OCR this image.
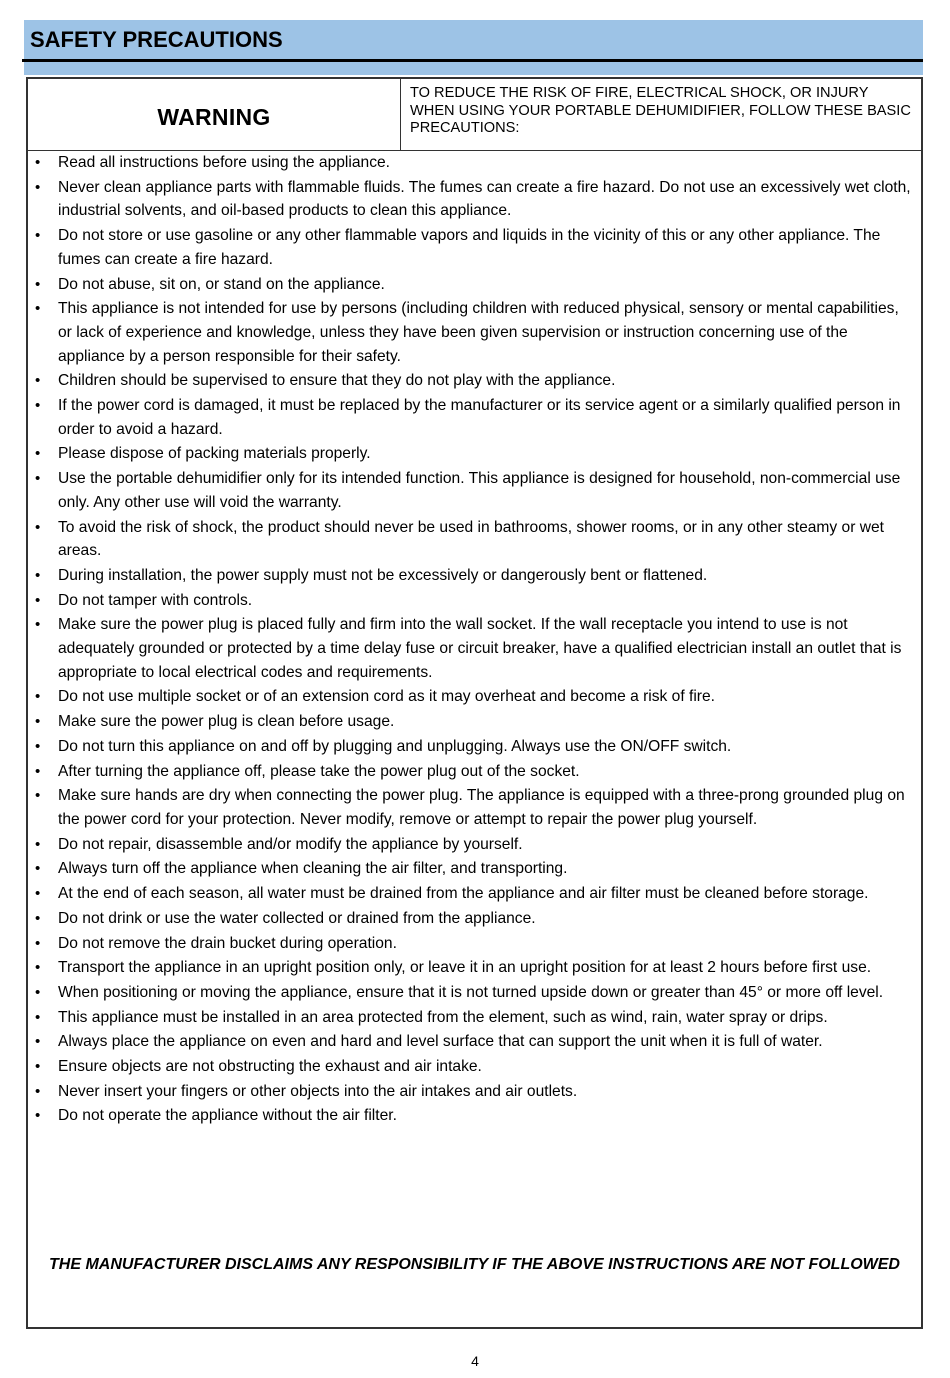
SAFETY PRECAUTIONS
WARNING
TO REDUCE THE RISK OF FIRE, ELECTRICAL SHOCK, OR INJURY WHEN USING YOUR PORTABLE DEHUMIDIFIER, FOLLOW THESE BASIC PRECAUTIONS:
• Read all instructions before using the appliance.
• Never clean appliance parts with flammable fluids. The fumes can create a fire hazard. Do not use an excessively wet cloth, industrial solvents, and oil-based products to clean this appliance.
• Do not store or use gasoline or any other flammable vapors and liquids in the vicinity of this or any other appliance. The fumes can create a fire hazard.
• Do not abuse, sit on, or stand on the appliance.
• This appliance is not intended for use by persons (including children with reduced physical, sensory or mental capabilities, or lack of experience and knowledge, unless they have been given supervision or instruction concerning use of the appliance by a person responsible for their safety.
• Children should be supervised to ensure that they do not play with the appliance.
• If the power cord is damaged, it must be replaced by the manufacturer or its service agent or a similarly qualified person in order to avoid a hazard.
• Please dispose of packing materials properly.
• Use the portable dehumidifier only for its intended function. This appliance is designed for household, non-commercial use only. Any other use will void the warranty.
• To avoid the risk of shock, the product should never be used in bathrooms, shower rooms, or in any other steamy or wet areas.
• During installation, the power supply must not be excessively or dangerously bent or flattened.
• Do not tamper with controls.
• Make sure the power plug is placed fully and firm into the wall socket. If the wall receptacle you intend to use is not adequately grounded or protected by a time delay fuse or circuit breaker, have a qualified electrician install an outlet that is appropriate to local electrical codes and requirements.
• Do not use multiple socket or of an extension cord as it may overheat and become a risk of fire.
• Make sure the power plug is clean before usage.
• Do not turn this appliance on and off by plugging and unplugging. Always use the ON/OFF switch.
• After turning the appliance off, please take the power plug out of the socket.
• Make sure hands are dry when connecting the power plug. The appliance is equipped with a three-prong grounded plug on the power cord for your protection. Never modify, remove or attempt to repair the power plug yourself.
• Do not repair, disassemble and/or modify the appliance by yourself.
• Always turn off the appliance when cleaning the air filter, and transporting.
• At the end of each season, all water must be drained from the appliance and air filter must be cleaned before storage.
• Do not drink or use the water collected or drained from the appliance.
• Do not remove the drain bucket during operation.
• Transport the appliance in an upright position only, or leave it in an upright position for at least 2 hours before first use.
• When positioning or moving the appliance, ensure that it is not turned upside down or greater than 45° or more off level.
• This appliance must be installed in an area protected from the element, such as wind, rain, water spray or drips.
• Always place the appliance on even and hard and level surface that can support the unit when it is full of water.
• Ensure objects are not obstructing the exhaust and air intake.
• Never insert your fingers or other objects into the air intakes and air outlets.
• Do not operate the appliance without the air filter.
THE MANUFACTURER DISCLAIMS ANY RESPONSIBILITY IF THE ABOVE INSTRUCTIONS ARE NOT FOLLOWED
4
